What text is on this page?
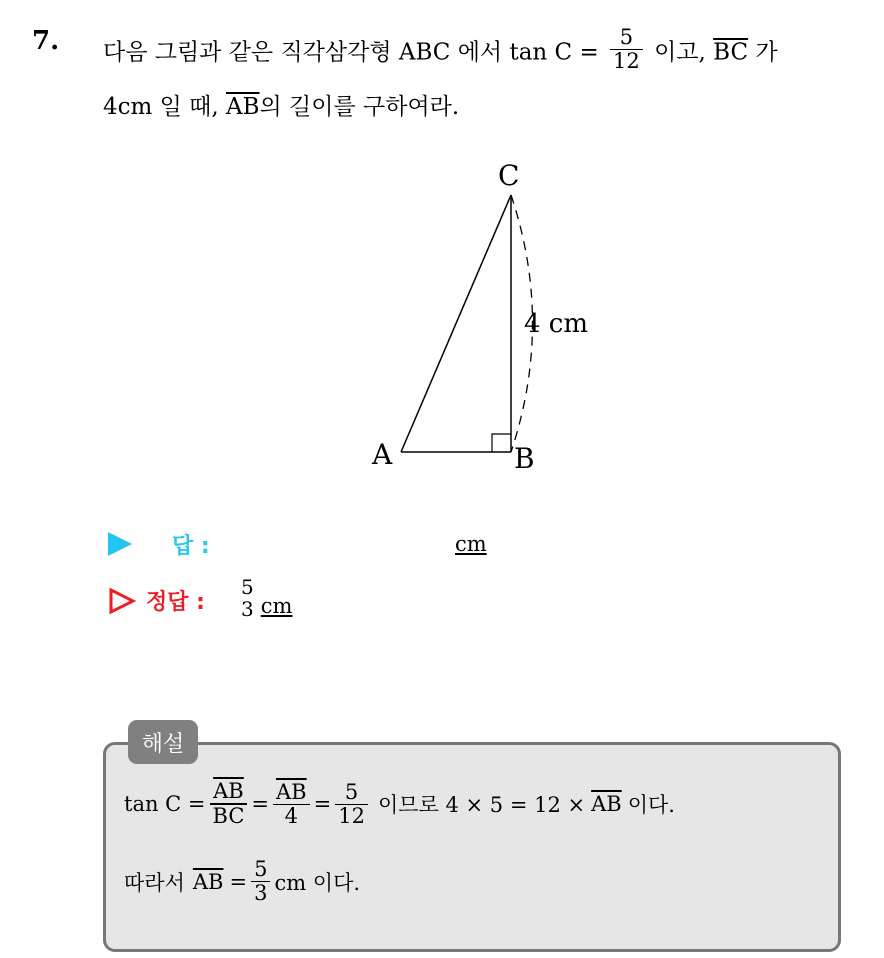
7. 다음 그림과 같은 직각삼각형 ABC 에서 $\tan C = \frac{5}{12}$ 이고, $\overline{BC}$ 가
4cm 일 때, $\overline{AB}$의 길이를 구하여라.
C
A	B
4 cm
답 :	cm
정답 :
5
3 cm
해설
$\tan C = \frac{\overline{AB}}{BC} = \frac{\overline{AB}}{4} = \frac{5}{12}$ 이므로 $4 \times 5 = 12 \times \overline{AB}$ 이다.
따라서 $\overline{AB} = \frac{5}{3}$ cm 이다.
